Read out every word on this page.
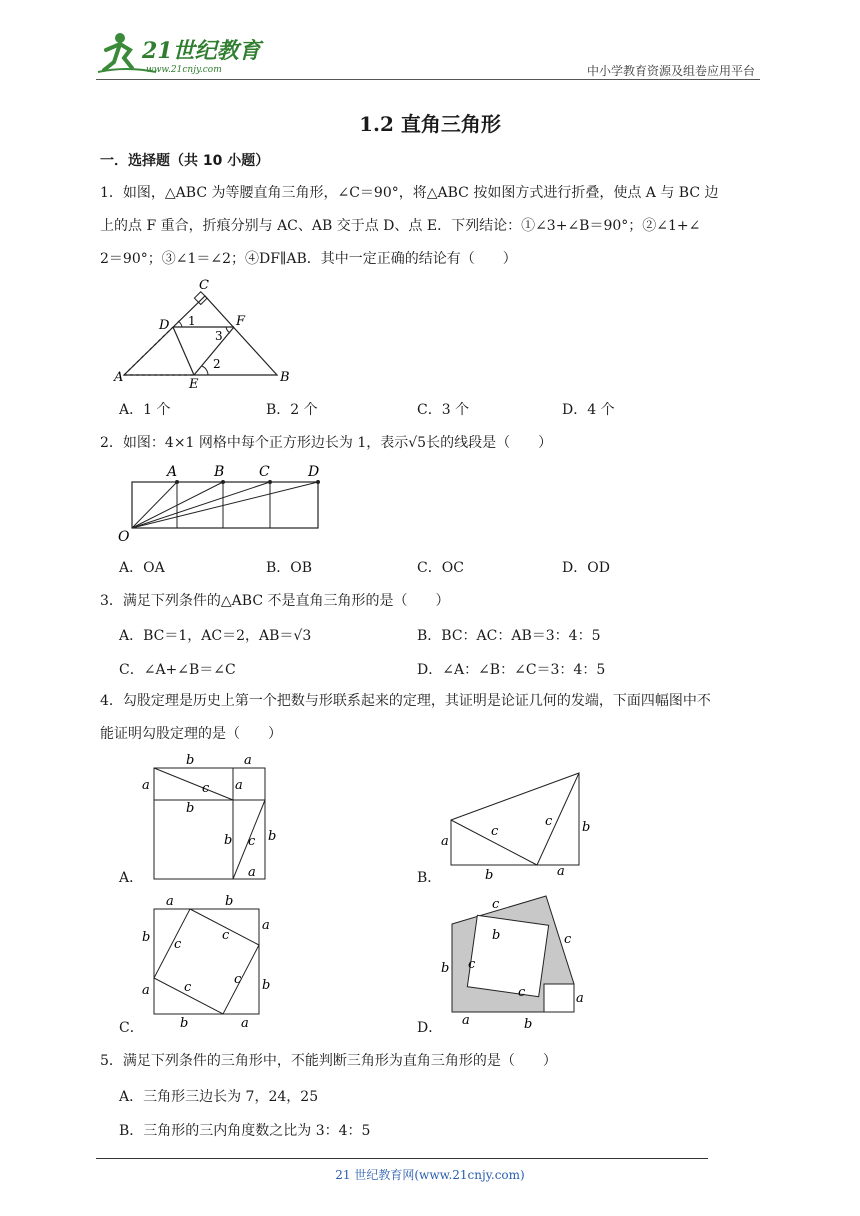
21世纪教育
www.21cnjy.com	中小学教育资源及组卷应用平台
1.2 直角三角形
一．选择题（共 10 小题）
1．如图，△ABC 为等腰直角三角形，∠C＝90°，将△ABC 按如图方式进行折叠，使点 A 与 BC 边
上的点 F 重合，折痕分别与 AC、AB 交于点 D、点 E．下列结论：①∠3+∠B＝90°；②∠1+∠
2＝90°；③∠1＝∠2；④DF∥AB．其中一定正确的结论有（　　）
C
D	F
1
3
2
A	E	B
A．1 个	B．2 个	C．3 个	D．4 个
2．如图：4×1 网格中每个正方形边长为 1，表示√5长的线段是（　　）
A	B C	D
O
A．OA	B．OB	C．OC	D．OD
3．满足下列条件的△ABC 不是直角三角形的是（　　）
A．BC＝1，AC＝2，AB＝√3	B．BC：AC：AB＝3：4：5
C．∠A+∠B＝∠C	D．∠A：∠B：∠C＝3：4：5
4．勾股定理是历史上第一个把数与形联系起来的定理，其证明是论证几何的发端，下面四幅图中不
能证明勾股定理的是（　　）
b	a
a	c a
b
b c b
a
A．
a
c
c b
b	a
B．
a	b
a
b c
c
c b
a	c
b	a
C．
c
c
b
b c
c	a
a	b
D．
5．满足下列条件的三角形中，不能判断三角形为直角三角形的是（　　）
A．三角形三边长为 7，24，25
B．三角形的三内角度数之比为 3：4：5
21 世纪教育网(www.21cnjy.com)
